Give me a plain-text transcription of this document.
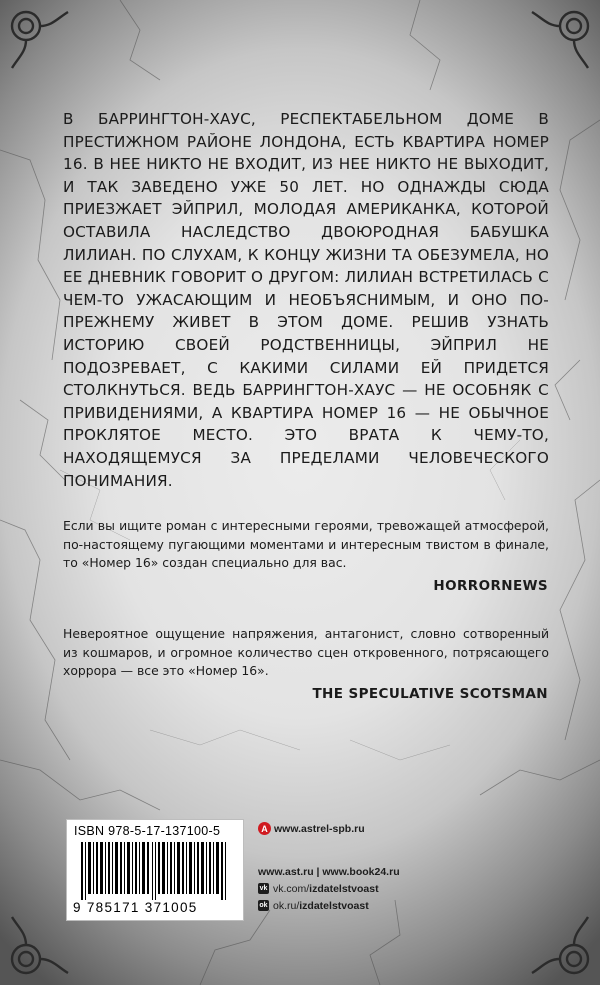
В БАРРИНГТОН-ХАУС, РЕСПЕКТАБЕЛЬНОМ ДОМЕ В ПРЕСТИЖНОМ РАЙОНЕ ЛОНДОНА, ЕСТЬ КВАРТИРА НОМЕР 16. В НЕЕ НИКТО НЕ ВХОДИТ, ИЗ НЕЕ НИКТО НЕ ВЫХОДИТ, И ТАК ЗАВЕДЕНО УЖЕ 50 ЛЕТ. НО ОДНАЖДЫ СЮДА ПРИЕЗЖАЕТ ЭЙПРИЛ, МОЛОДАЯ АМЕРИКАНКА, КОТОРОЙ ОСТАВИЛА НАСЛЕДСТВО ДВОЮРОДНАЯ БАБУШКА ЛИЛИАН. ПО СЛУХАМ, К КОНЦУ ЖИЗНИ ТА ОБЕЗУМЕЛА, НО ЕЕ ДНЕВНИК ГОВОРИТ О ДРУГОМ: ЛИЛИАН ВСТРЕТИЛАСЬ С ЧЕМ-ТО УЖАСАЮЩИМ И НЕОБЪЯСНИМЫМ, И ОНО ПО-ПРЕЖНЕМУ ЖИВЕТ В ЭТОМ ДОМЕ. РЕШИВ УЗНАТЬ ИСТОРИЮ СВОЕЙ РОДСТВЕННИЦЫ, ЭЙПРИЛ НЕ ПОДОЗРЕВАЕТ, С КАКИМИ СИЛАМИ ЕЙ ПРИДЕТСЯ СТОЛКНУТЬСЯ. ВЕДЬ БАРРИНГТОН-ХАУС — НЕ ОСОБНЯК С ПРИВИДЕНИЯМИ, А КВАРТИРА НОМЕР 16 — НЕ ОБЫЧНОЕ ПРОКЛЯТОЕ МЕСТО. ЭТО ВРАТА К ЧЕМУ-ТО, НАХОДЯЩЕМУСЯ ЗА ПРЕДЕЛАМИ ЧЕЛОВЕЧЕСКОГО ПОНИМАНИЯ.

Если вы ищите роман с интересными героями, тревожащей атмосферой, по-настоящему пугающими моментами и интересным твистом в финале, то «Номер 16» создан специально для вас.

HORRORNEWS

Невероятное ощущение напряжения, антагонист, словно сотворенный из кошмаров, и огромное количество сцен откровенного, потрясающего хоррора — все это «Номер 16».

THE SPECULATIVE SCOTSMAN
ISBN 978-5-17-137100-5
9 785171 371005
А www.astrel-spb.ru
www.ast.ru | www.book24.ru
vk vk.com/izdatelstvoast
ok ok.ru/izdatelstvoast
